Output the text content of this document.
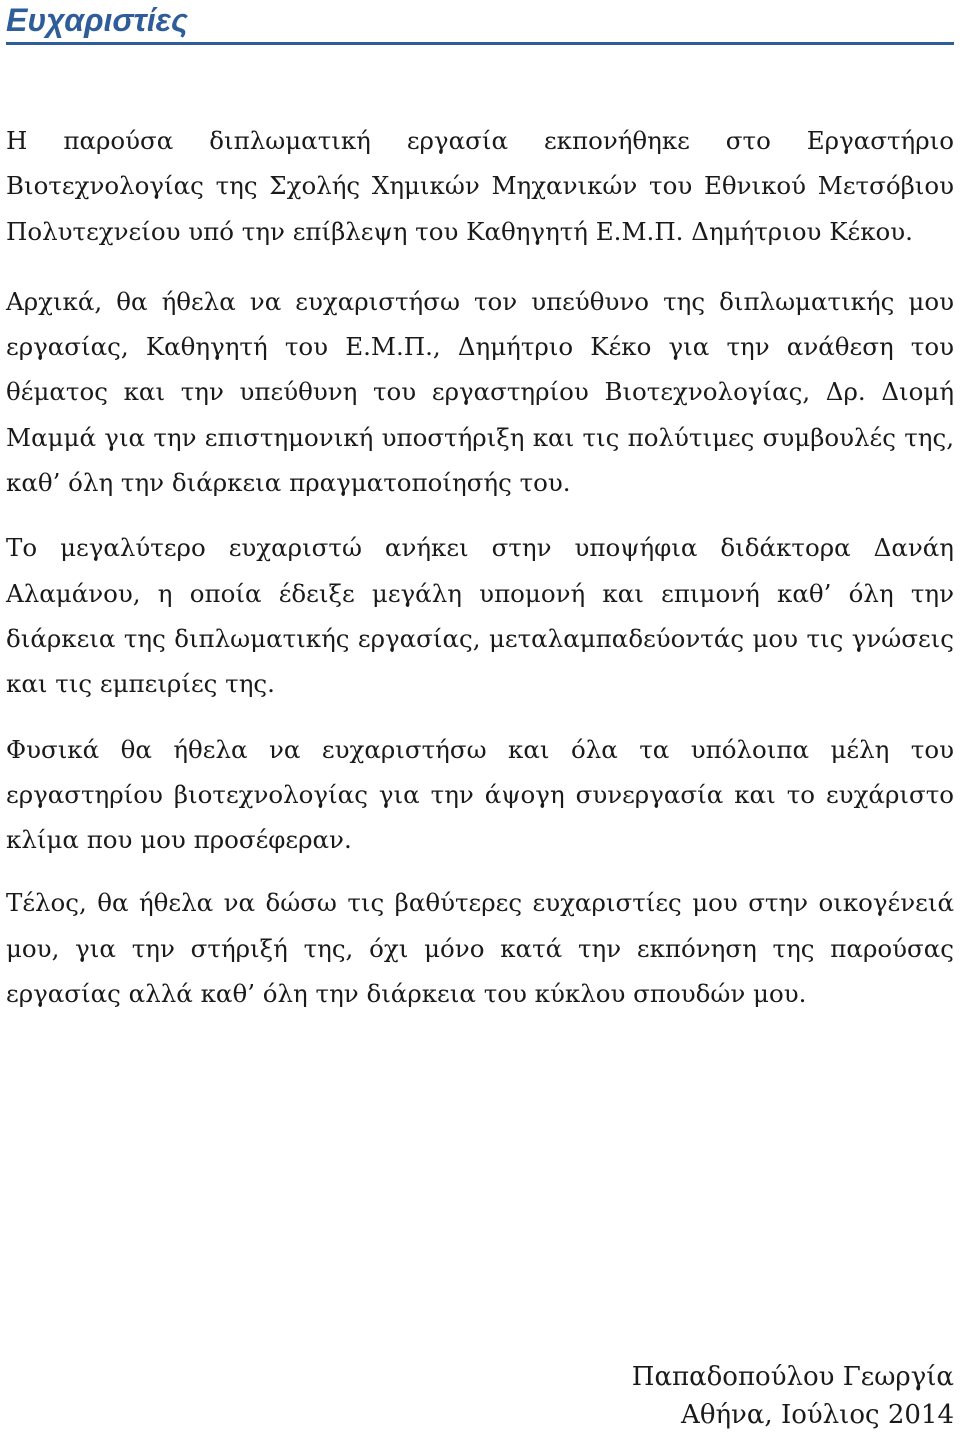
Ευχαριστίες

Η παρούσα διπλωματική εργασία εκπονήθηκε στο Εργαστήριο Βιοτεχνολογίας της Σχολής Χημικών Μηχανικών του Εθνικού Μετσόβιου Πολυτεχνείου υπό την επίβλεψη του Καθηγητή Ε.Μ.Π. Δημήτριου Κέκου.

Αρχικά, θα ήθελα να ευχαριστήσω τον υπεύθυνο της διπλωματικής μου εργασίας, Καθηγητή του Ε.Μ.Π., Δημήτριο Κέκο για την ανάθεση του θέματος και την υπεύθυνη του εργαστηρίου Βιοτεχνολογίας, Δρ. Διομή Μαμμά για την επιστημονική υποστήριξη και τις πολύτιμες συμβουλές της, καθ’ όλη την διάρκεια πραγματοποίησής του.

Το μεγαλύτερο ευχαριστώ ανήκει στην υποψήφια διδάκτορα Δανάη Αλαμάνου, η οποία έδειξε μεγάλη υπομονή και επιμονή καθ’ όλη την διάρκεια της διπλωματικής εργασίας, μεταλαμπαδεύοντάς μου τις γνώσεις και τις εμπειρίες της.

Φυσικά θα ήθελα να ευχαριστήσω και όλα τα υπόλοιπα μέλη του εργαστηρίου βιοτεχνολογίας για την άψογη συνεργασία και το ευχάριστο κλίμα που μου προσέφεραν.

Τέλος, θα ήθελα να δώσω τις βαθύτερες ευχαριστίες μου στην οικογένειά μου, για την στήριξή της, όχι μόνο κατά την εκπόνηση της παρούσας εργασίας αλλά καθ’ όλη την διάρκεια του κύκλου σπουδών μου.

Παπαδοπούλου Γεωργία
Αθήνα, Ιούλιος 2014
